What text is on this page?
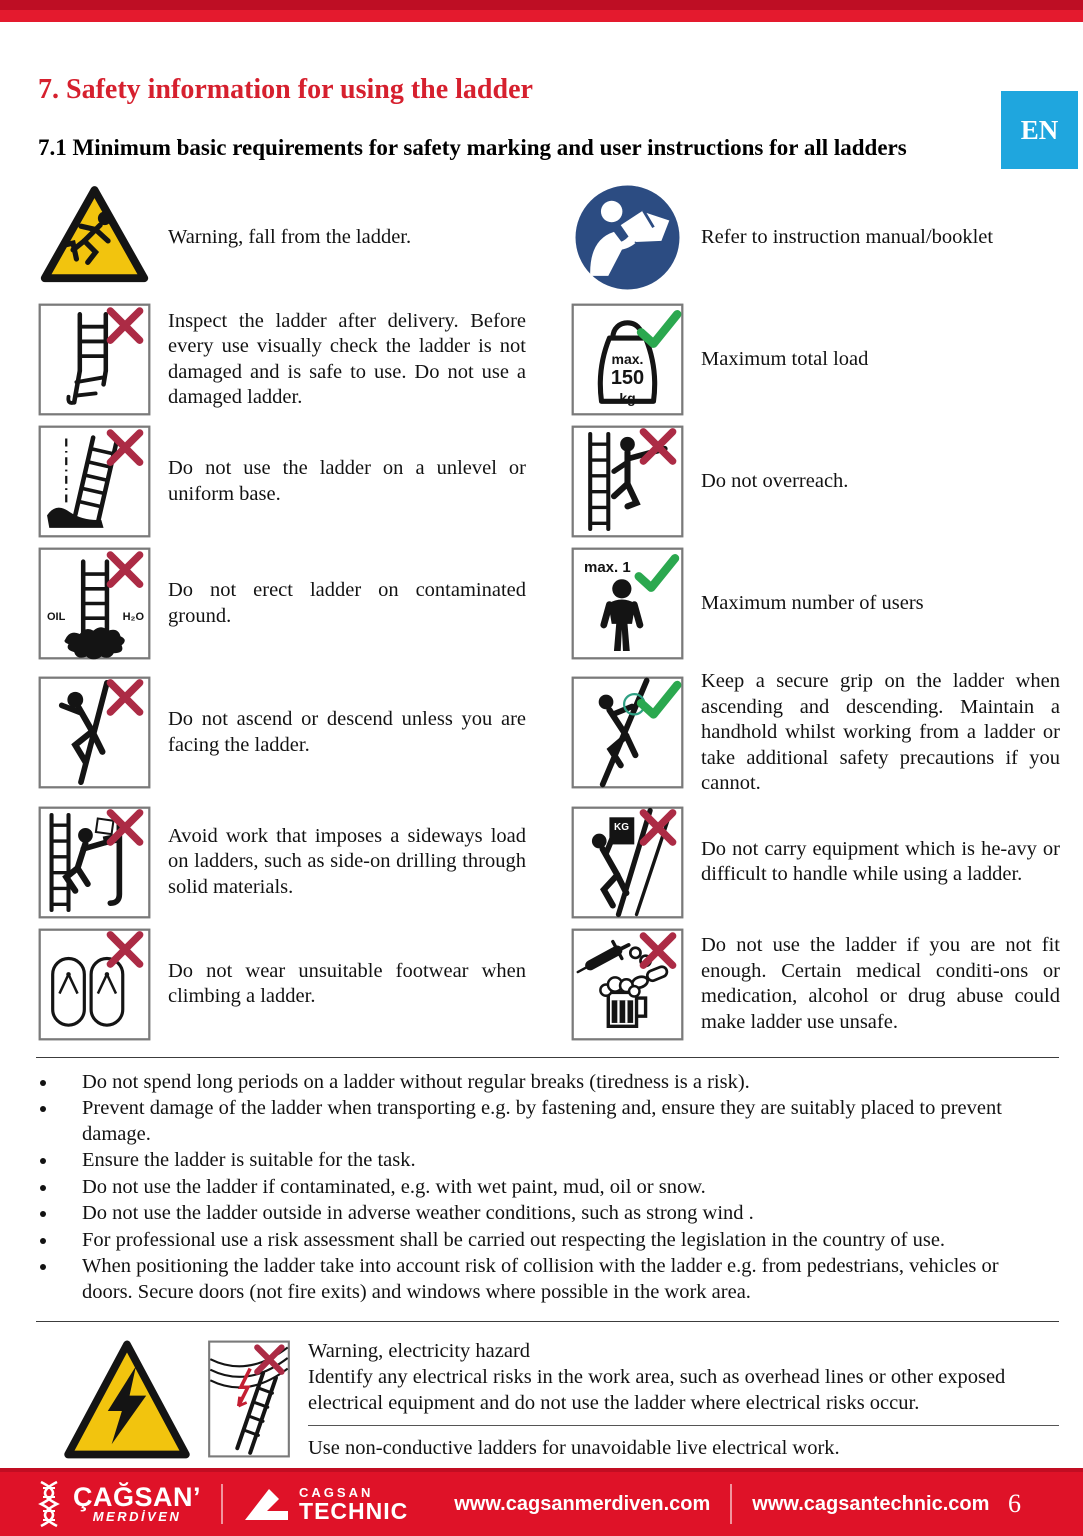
EN
7. Safety information for using the ladder
7.1 Minimum basic requirements for safety marking and user instructions for all ladders

Warning, fall from the ladder.

Inspect the ladder after delivery. Before every use visually check the ladder is not damaged and is safe to use. Do not use a damaged ladder.

Do not use the ladder on a unlevel or uniform base.

OIL	H₂O

Do not erect ladder on contaminated ground.

Do not ascend or descend unless you are facing the ladder.

Avoid work that imposes a sideways load on ladders, such as side-on drilling through solid materials.

Do not wear unsuitable footwear when climbing a ladder.

Refer to instruction manual/booklet

max.
150
kg

Maximum total load

Do not overreach.

max. 1

Maximum number of users

Keep a secure grip on the ladder when ascending and descending. Maintain a handhold whilst working from a ladder or take additional safety precautions if you cannot.

KG

Do not carry equipment which is he-avy or difficult to handle while using a ladder.

Do not use the ladder if you are not fit enough. Certain medical conditi-ons or medication, alcohol or drug abuse could make ladder use unsafe.

• Do not spend long periods on a ladder without regular breaks (tiredness is a risk).
• Prevent damage of the ladder when transporting e.g. by fastening and, ensure they are suitably placed to prevent damage.
• Ensure the ladder is suitable for the task.
• Do not use the ladder if contaminated, e.g. with wet paint, mud, oil or snow.
• Do not use the ladder outside in adverse weather conditions, such as strong wind .
• For professional use a risk assessment shall be carried out respecting the legislation in the country of use.
• When positioning the ladder take into account risk of collision with the ladder e.g. from pedestrians, vehicles or doors. Secure doors (not fire exits) and windows where possible in the work area.

Warning, electricity hazard

Identify any electrical risks in the work area, such as overhead lines or other exposed electrical equipment and do not use the ladder where electrical risks occur.

Use non-conductive ladders for unavoidable live electrical work.

ÇAĞSAN’
MERDİVEN
CAGSAN
TECHNIC www.cagsanmerdiven.com www.cagsantechnic.com 6
